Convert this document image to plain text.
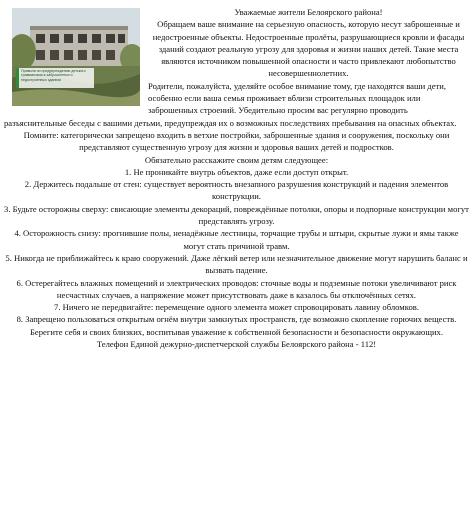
Правила по предупреждению детского травматизма в заброшенных и недостроенных зданиях

Уважаемые жители Белоярского района!

Обращаем ваше внимание на серьезную опасность, которую несут заброшенные и недостроенные объекты. Недостроенные пролёты, разрушающиеся кровли и фасады зданий создают реальную угрозу для здоровья и жизни наших детей. Такие места являются источником повышенной опасности и часто привлекают любопытство несовершеннолетних.

Родители, пожалуйста, уделяйте особое внимание тому, где находятся ваши дети, особенно если ваша семья проживает вблизи строительных площадок или заброшенных строений. Убедительно просим вас регулярно проводить разъяснительные беседы с вашими детьми, предупреждая их о возможных последствиях пребывания на опасных объектах.

Помните: категорически запрещено входить в ветхие постройки, заброшенные здания и сооружения, поскольку они представляют существенную угрозу для жизни и здоровья ваших детей и подростков.

Обязательно расскажите своим детям следующее:

1. Не проникайте внутрь объектов, даже если доступ открыт.

2. Держитесь подальше от стен: существует вероятность внезапного разрушения конструкций и падения элементов конструкции.

3. Будьте осторожны сверху: свисающие элементы декораций, повреждённые потолки, опоры и подпорные конструкции могут представлять угрозу.

4. Осторожность снизу: прогнившие полы, ненадёжные лестницы, торчащие трубы и штыри, скрытые лужи и ямы также могут стать причиной травм.

5. Никогда не приближайтесь к краю сооружений. Даже лёгкий ветер или незначительное движение могут нарушить баланс и вызвать падение.

6. Остерегайтесь влажных помещений и электрических проводов: сточные воды и подземные потоки увеличивают риск несчастных случаев, а напряжение может присутствовать даже в казалось бы отключённых сетях.

7. Ничего не передвигайте: перемещение одного элемента может спровоцировать лавину обломков.

8. Запрещено пользоваться открытым огнём внутри замкнутых пространств, где возможно скопление горючих веществ.

Берегите себя и своих близких, воспитывая уважение к собственной безопасности и безопасности окружающих.

Телефон Единой дежурно-диспетчерской службы Белоярского района - 112!
